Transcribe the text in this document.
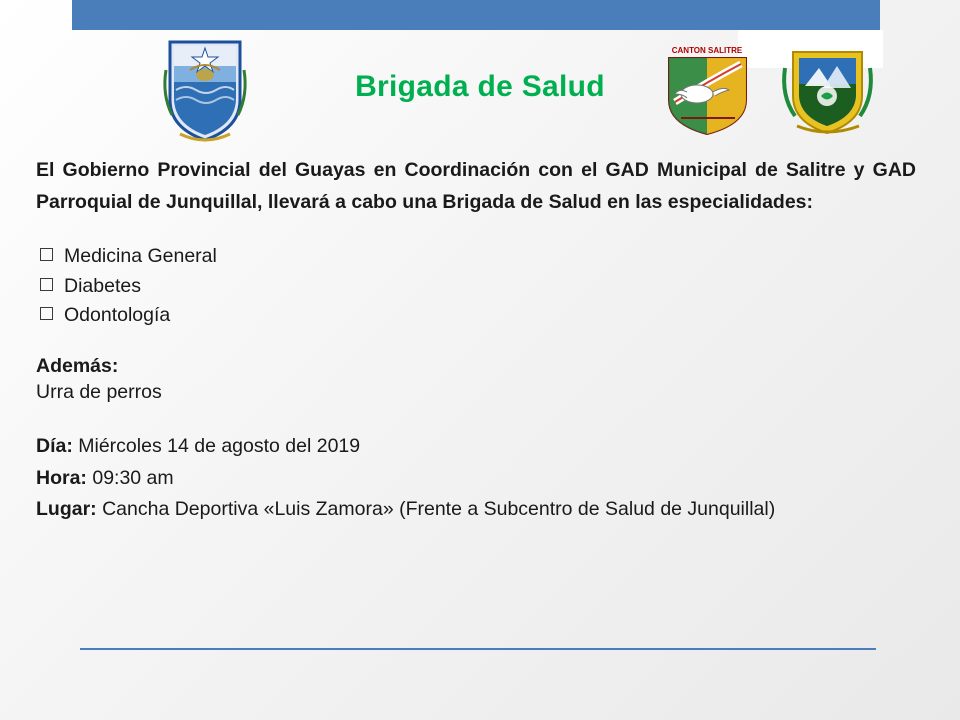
CANTON SALITRE
Brigada de Salud

El Gobierno Provincial del Guayas en Coordinación con el GAD Municipal de Salitre y GAD Parroquial de Junquillal, llevará a cabo una Brigada de Salud en las especialidades:

Medicina General
Diabetes
Odontología
Además:
Urra de perros
Día: Miércoles 14 de agosto del 2019
Hora: 09:30 am
Lugar: Cancha Deportiva «Luis Zamora» (Frente a Subcentro de Salud de Junquillal)
